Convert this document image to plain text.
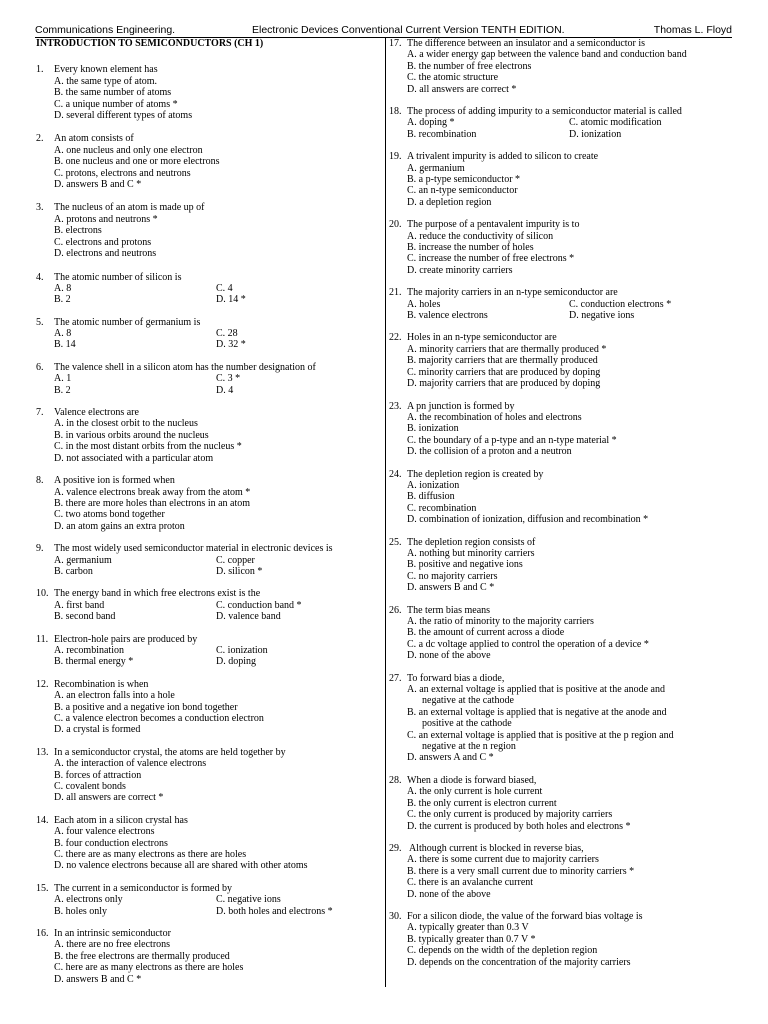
Communications Engineering.	Electronic Devices Conventional Current Version TENTH EDITION.	Thomas L. Floyd
INTRODUCTION TO SEMICONDUCTORS (CH 1)
1. Every known element has
A. the same type of atom.
B. the same number of atoms
C. a unique number of atoms *
D. several different types of atoms
2. An atom consists of
A. one nucleus and only one electron
B. one nucleus and one or more electrons
C. protons, electrons and neutrons
D. answers B and C *
3. The nucleus of an atom is made up of
A. protons and neutrons *
B. electrons
C. electrons and protons
D. electrons and neutrons
4. The atomic number of silicon is
A. 8	C. 4
B. 2	D. 14 *
5. The atomic number of germanium is
A. 8	C. 28
B. 14	D. 32 *
6. The valence shell in a silicon atom has the number designation of
A. 1	C. 3 *
B. 2	D. 4
7. Valence electrons are
A. in the closest orbit to the nucleus
B. in various orbits around the nucleus
C. in the most distant orbits from the nucleus *
D. not associated with a particular atom
8. A positive ion is formed when
A. valence electrons break away from the atom *
B. there are more holes than electrons in an atom
C. two atoms bond together
D. an atom gains an extra proton
9. The most widely used semiconductor material in electronic devices is
A. germanium	C. copper
B. carbon	D. silicon *
10. The energy band in which free electrons exist is the
A. first band	C. conduction band *
B. second band	D. valence band
11. Electron-hole pairs are produced by
A. recombination	C. ionization
B. thermal energy *	D. doping
12. Recombination is when
A. an electron falls into a hole
B. a positive and a negative ion bond together
C. a valence electron becomes a conduction electron
D. a crystal is formed
13. In a semiconductor crystal, the atoms are held together by
A. the interaction of valence electrons
B. forces of attraction
C. covalent bonds
D. all answers are correct *
14. Each atom in a silicon crystal has
A. four valence electrons
B. four conduction electrons
C. there are as many electrons as there are holes
D. no valence electrons because all are shared with other atoms
15. The current in a semiconductor is formed by
A. electrons only	C. negative ions
B. holes only	D. both holes and electrons *
16. In an intrinsic semiconductor
A. there are no free electrons
B. the free electrons are thermally produced
C. here are as many electrons as there are holes
D. answers B and C *
17. The difference between an insulator and a semiconductor is
A. a wider energy gap between the valence band and conduction band
B. the number of free electrons
C. the atomic structure
D. all answers are correct *
18. The process of adding impurity to a semiconductor material is called
A. doping *	C. atomic modification
B. recombination	D. ionization
19. A trivalent impurity is added to silicon to create
A. germanium
B. a p-type semiconductor *
C. an n-type semiconductor
D. a depletion region
20. The purpose of a pentavalent impurity is to
A. reduce the conductivity of silicon
B. increase the number of holes
C. increase the number of free electrons *
D. create minority carriers
21. The majority carriers in an n-type semiconductor are
A. holes	C. conduction electrons *
B. valence electrons	D. negative ions
22. Holes in an n-type semiconductor are
A. minority carriers that are thermally produced *
B. majority carriers that are thermally produced
C. minority carriers that are produced by doping
D. majority carriers that are produced by doping
23. A pn junction is formed by
A. the recombination of holes and electrons
B. ionization
C. the boundary of a p-type and an n-type material *
D. the collision of a proton and a neutron
24. The depletion region is created by
A. ionization
B. diffusion
C. recombination
D. combination of ionization, diffusion and recombination *
25. The depletion region consists of
A. nothing but minority carriers
B. positive and negative ions
C. no majority carriers
D. answers B and C *
26. The term bias means
A. the ratio of minority to the majority carriers
B. the amount of current across a diode
C. a dc voltage applied to control the operation of a device *
D. none of the above
27. To forward bias a diode,
A. an external voltage is applied that is positive at the anode and
negative at the cathode
B. an external voltage is applied that is negative at the anode and
positive at the cathode
C. an external voltage is applied that is positive at the p region and
negative at the n region
D. answers A and C *
28. When a diode is forward biased,
A. the only current is hole current
B. the only current is electron current
C. the only current is produced by majority carriers
D. the current is produced by both holes and electrons *
29. Although current is blocked in reverse bias,
A. there is some current due to majority carriers
B. there is a very small current due to minority carriers *
C. there is an avalanche current
D. none of the above
30. For a silicon diode, the value of the forward bias voltage is
A. typically greater than 0.3 V
B. typically greater than 0.7 V *
C. depends on the width of the depletion region
D. depends on the concentration of the majority carriers
